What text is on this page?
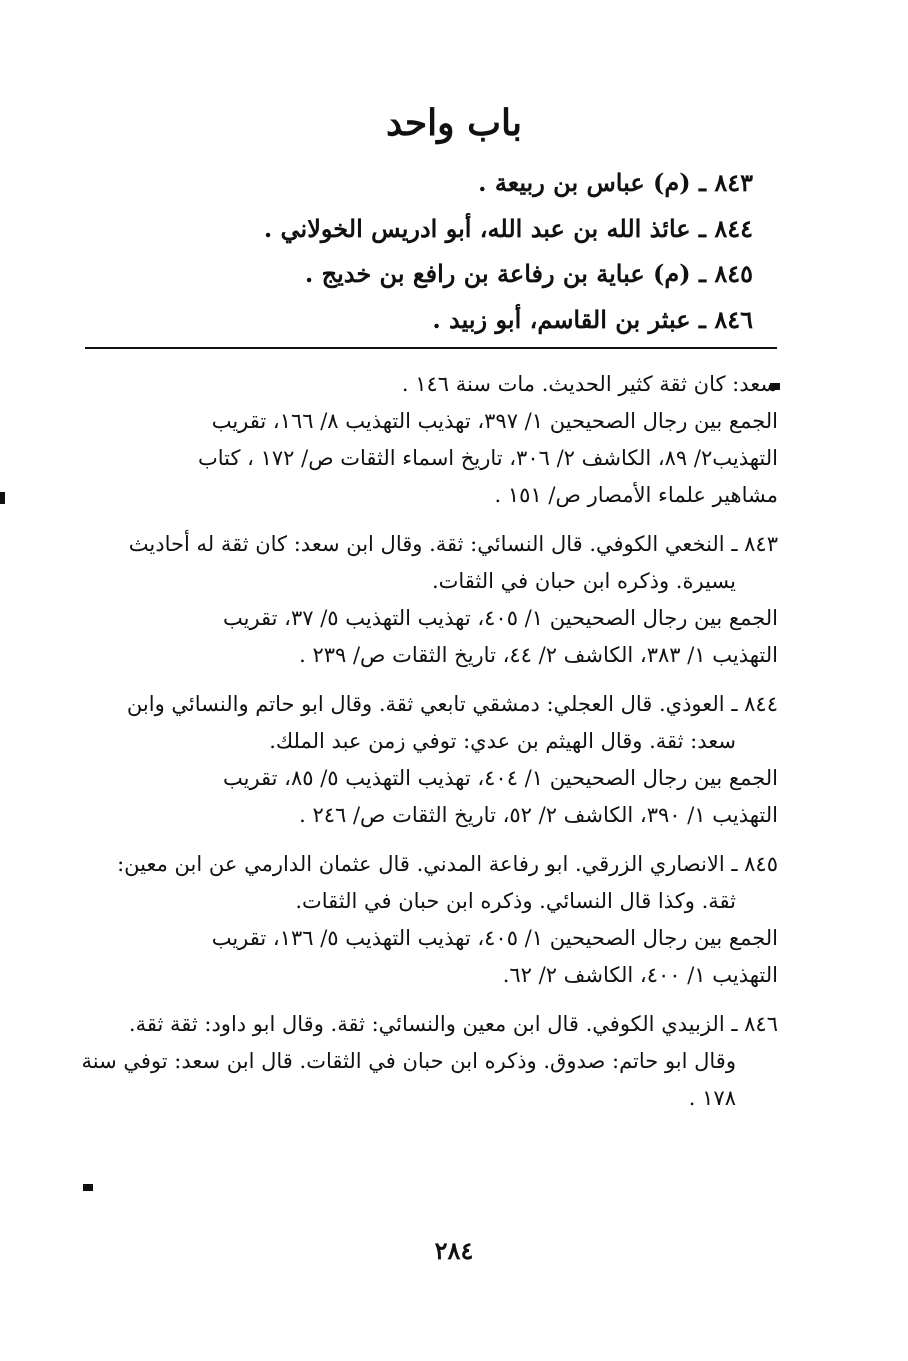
باب واحد
٨٤٣ ـ (م) عباس بن ربيعة .
٨٤٤ ـ عائذ الله بن عبد الله، أبو ادريس الخولاني .
٨٤٥ ـ (م) عباية بن رفاعة بن رافع بن خديج .
٨٤٦ ـ عبثر بن القاسم، أبو زبيد .
سعد: كان ثقة كثير الحديث. مات سنة ١٤٦ .
الجمع بين رجال الصحيحين ١/ ٣٩٧، تهذيب التهذيب ٨/ ١٦٦، تقريب
التهذيب٢/ ٨٩، الكاشف ٢/ ٣٠٦، تاريخ اسماء الثقات ص/ ١٧٢ ، كتاب
مشاهير علماء الأمصار ص/ ١٥١ .
٨٤٣ ـ النخعي الكوفي. قال النسائي: ثقة. وقال ابن سعد: كان ثقة له أحاديث
يسيرة. وذكره ابن حبان في الثقات.
الجمع بين رجال الصحيحين ١/ ٤٠٥، تهذيب التهذيب ٥/ ٣٧، تقريب
التهذيب ١/ ٣٨٣، الكاشف ٢/ ٤٤، تاريخ الثقات ص/ ٢٣٩ .
٨٤٤ ـ العوذي. قال العجلي: دمشقي تابعي ثقة. وقال ابو حاتم والنسائي وابن
سعد: ثقة. وقال الهيثم بن عدي: توفي زمن عبد الملك.
الجمع بين رجال الصحيحين ١/ ٤٠٤، تهذيب التهذيب ٥/ ٨٥، تقريب
التهذيب ١/ ٣٩٠، الكاشف ٢/ ٥٢، تاريخ الثقات ص/ ٢٤٦ .
٨٤٥ ـ الانصاري الزرقي. ابو رفاعة المدني. قال عثمان الدارمي عن ابن معين:
ثقة. وكذا قال النسائي. وذكره ابن حبان في الثقات.
الجمع بين رجال الصحيحين ١/ ٤٠٥، تهذيب التهذيب ٥/ ١٣٦، تقريب
التهذيب ١/ ٤٠٠، الكاشف ٢/ ٦٢.
٨٤٦ ـ الزبيدي الكوفي. قال ابن معين والنسائي: ثقة. وقال ابو داود: ثقة ثقة.
وقال ابو حاتم: صدوق. وذكره ابن حبان في الثقات. قال ابن سعد: توفي سنة
١٧٨ .
٢٨٤
